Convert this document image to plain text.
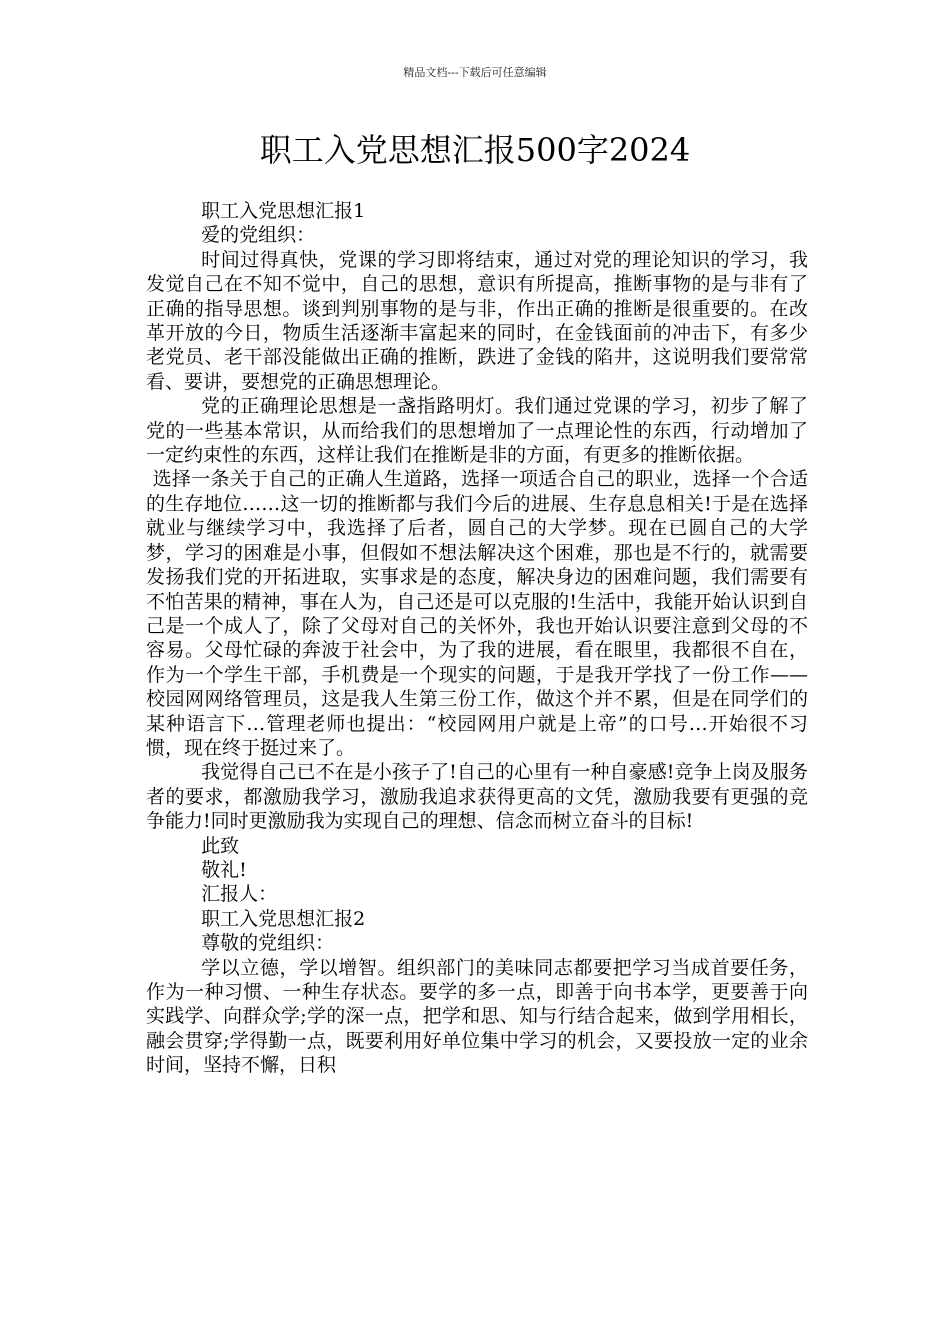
精品文档---下载后可任意编辑
职工入党思想汇报500字2024

职工入党思想汇报1

爱的党组织：

时间过得真快，党课的学习即将结束，通过对党的理论知识的学习，我发觉自己在不知不觉中，自己的思想，意识有所提高，推断事物的是与非有了正确的指导思想。谈到判别事物的是与非，作出正确的推断是很重要的。在改革开放的今日，物质生活逐渐丰富起来的同时，在金钱面前的冲击下，有多少老党员、老干部没能做出正确的推断，跌进了金钱的陷井，这说明我们要常常看、要讲，要想党的正确思想理论。

党的正确理论思想是一盏指路明灯。我们通过党课的学习，初步了解了党的一些基本常识，从而给我们的思想增加了一点理论性的东西，行动增加了一定约束性的东西，这样让我们在推断是非的方面，有更多的推断依据。

选择一条关于自己的正确人生道路，选择一项适合自己的职业，选择一个合适的生存地位……这一切的推断都与我们今后的进展、生存息息相关!于是在选择就业与继续学习中，我选择了后者，圆自己的大学梦。现在已圆自己的大学梦，学习的困难是小事，但假如不想法解决这个困难，那也是不行的，就需要发扬我们党的开拓进取，实事求是的态度，解决身边的困难问题，我们需要有不怕苦果的精神，事在人为，自己还是可以克服的!生活中，我能开始认识到自己是一个成人了，除了父母对自己的关怀外，我也开始认识要注意到父母的不容易。父母忙碌的奔波于社会中，为了我的进展，看在眼里，我都很不自在，作为一个学生干部，手机费是一个现实的问题，于是我开学找了一份工作——校园网网络管理员，这是我人生第三份工作，做这个并不累，但是在同学们的某种语言下…管理老师也提出：“校园网用户就是上帝”的口号…开始很不习惯，现在终于挺过来了。

我觉得自己已不在是小孩子了!自己的心里有一种自豪感!竞争上岗及服务者的要求，都激励我学习，激励我追求获得更高的文凭，激励我要有更强的竞争能力!同时更激励我为实现自己的理想、信念而树立奋斗的目标!

此致

敬礼!

汇报人：

职工入党思想汇报2

尊敬的党组织：

学以立德，学以增智。组织部门的美味同志都要把学习当成首要任务，作为一种习惯、一种生存状态。要学的多一点，即善于向书本学，更要善于向实践学、向群众学;学的深一点，把学和思、知与行结合起来，做到学用相长，融会贯穿;学得勤一点，既要利用好单位集中学习的机会，又要投放一定的业余时间，坚持不懈，日积
